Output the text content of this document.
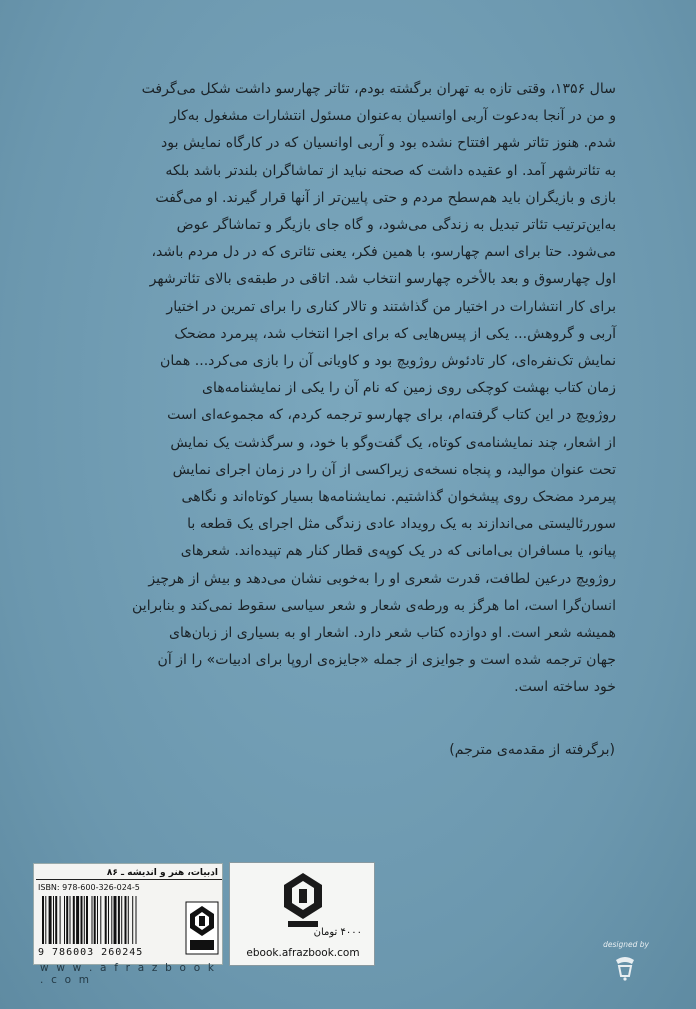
سال ۱۳۵۶، وقتی تازه به تهران برگشته بودم، تئاتر چهارسو داشت شکل می‌گرفت

و من در آنجا به‌دعوت آربی اوانسیان به‌عنوان مسئول انتشارات مشغول به‌کار

شدم. هنوز تئاتر شهر افتتاح نشده بود و آربی اوانسیان که در کارگاه نمایش بود

به تئاترشهر آمد. او عقیده داشت که صحنه نباید از تماشاگران بلندتر باشد بلکه

بازی و بازیگران باید هم‌سطح مردم و حتی پایین‌تر از آنها قرار گیرند. او می‌گفت

به‌این‌ترتیب تئاتر تبدیل به زندگی می‌شود، و گاه جای بازیگر و تماشاگر عوض

می‌شود. حتا برای اسم چهارسو، با همین فکر، یعنی تئاتری که در دل مردم باشد،

اول چهارسوق و بعد بالأخره چهارسو انتخاب شد. اتاقی در طبقه‌ی بالای تئاترشهر

برای کار انتشارات در اختیار من گذاشتند و تالار کناری را برای تمرین در اختیار

آربی و گروهش... یکی از پیس‌هایی که برای اجرا انتخاب شد، پیرمرد مضحک

نمایش تک‌نفره‌ای، کار تادئوش روژویچ بود و کاویانی آن را بازی می‌کرد... همان

زمان کتاب بهشت کوچکی روی زمین که نام آن را یکی از نمایشنامه‌های

روژویچ در این کتاب گرفته‌ام، برای چهارسو ترجمه کردم، که مجموعه‌ای است

از اشعار، چند نمایشنامه‌ی کوتاه، یک گفت‌وگو با خود، و سرگذشت یک نمایش

تحت عنوان مواليد، و پنجاه نسخه‌ی زیراکسی از آن را در زمان اجرای نمایش

پیرمرد مضحک روی پیشخوان گذاشتیم. نمایشنامه‌ها بسیار کوتاه‌اند و نگاهی

سوررئالیستی می‌اندازند به یک رویداد عادی زندگی مثل اجرای یک قطعه با

پیانو، یا مسافران بی‌امانی که در یک کوپه‌ی قطار کنار هم تپیده‌اند. شعرهای

روژویچ درعین لطافت، قدرت شعری او را به‌خوبی نشان می‌دهد و بیش از هرچیز

انسان‌گرا است، اما هرگز به ورطه‌ی شعار و شعر سیاسی سقوط نمی‌کند و بنابراین

همیشه شعر است. او دوازده کتاب شعر دارد. اشعار او به بسیاری از زبان‌های

جهان ترجمه شده است و جوایزی از جمله «جایزه‌ی اروپا برای ادبیات» را از آن

خود ساخته است.

(برگرفته از مقدمه‌ی مترجم)
ادبیات، هنر و اندیشه ـ ۸۶
ISBN: 978-600-326-024-5
9 786003 260245
۴۰۰۰ تومان
ebook.afrazbook.com
w w w . a f r a z b o o k . c o m
designed by
